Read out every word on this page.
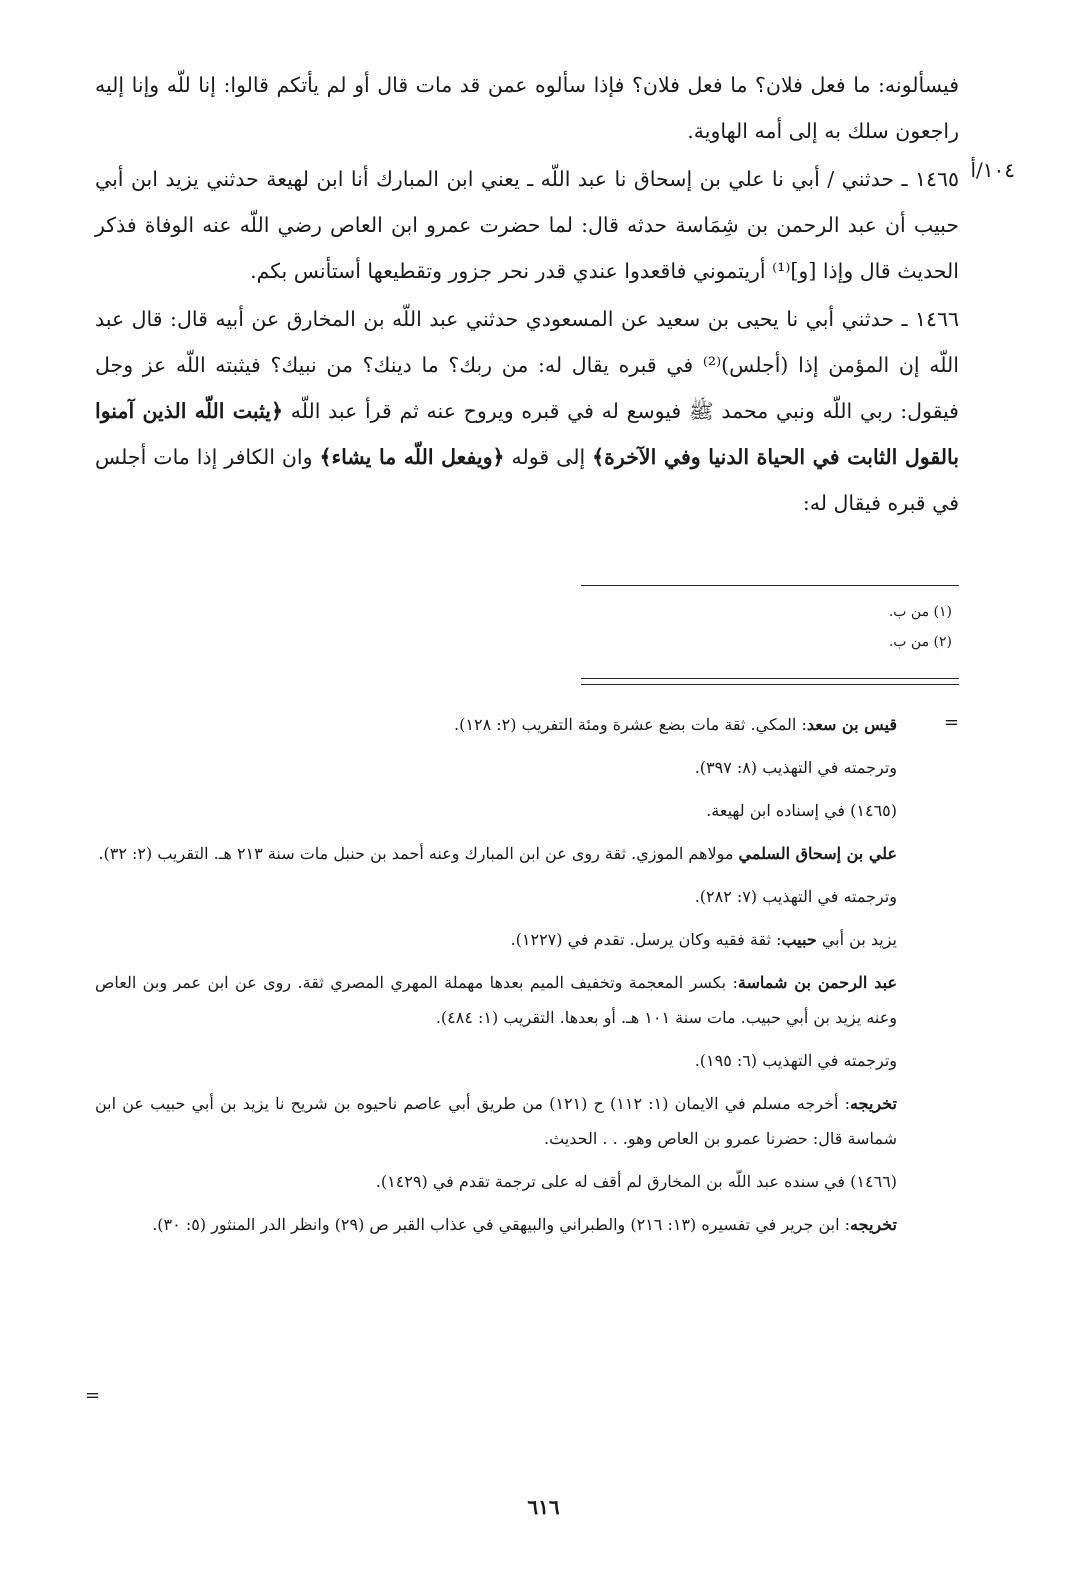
فيسألونه: ما فعل فلان؟ ما فعل فلان؟ فإذا سألوه عمن قد مات قال أو لم يأتكم قالوا: إنا للّه وإنا إليه راجعون سلك به إلى أمه الهاوية.

١٤٦٥ ـ حدثني / أبي نا علي بن إسحاق نا عبد اللّه ـ يعني ابن المبارك أنا ابن لهيعة حدثني يزيد ابن أبي حبيب أن عبد الرحمن بن شِمَاسة حدثه قال: لما حضرت عمرو ابن العاص رضي اللّه عنه الوفاة فذكر الحديث قال وإذا [و]⁽¹⁾ أريتموني فاقعدوا عندي قدر نحر جزور وتقطيعها أستأنس بكم.

١٤٦٦ ـ حدثني أبي نا يحيى بن سعيد عن المسعودي حدثني عبد اللّه بن المخارق عن أبيه قال: قال عبد اللّه إن المؤمن إذا (أجلس)⁽²⁾ في قبره يقال له: من ربك؟ ما دينك؟ من نبيك؟ فيثبته اللّه عز وجل فيقول: ربي اللّه ونبي محمد ﷺ فيوسع له في قبره ويروح عنه ثم قرأ عبد اللّه ﴿يثبت اللّه الذين آمنوا بالقول الثابت في الحياة الدنيا وفي الآخرة﴾ إلى قوله ﴿ويفعل اللّه ما يشاء﴾ وان الكافر إذا مات أجلس في قبره فيقال له:

١٠٤/أ
(١) من ب.
(٢) من ب.
=

قيس بن سعد: المكي. ثقة مات بضع عشرة ومئة التفريب (٢: ١٢٨).

وترجمته في التهذيب (٨: ٣٩٧).

(١٤٦٥) في إسناده ابن لهيعة.

علي بن إسحاق السلمي مولاهم الموزي. ثقة روى عن ابن المبارك وعنه أحمد بن حنبل مات سنة ٢١٣ هـ. التقريب (٢: ٣٢).

وترجمته في التهذيب (٧: ٢٨٢).

يزيد بن أبي حبيب: ثقة فقيه وكان يرسل. تقدم في (١٢٢٧).

عبد الرحمن بن شماسة: بكسر المعجمة وتخفيف الميم بعدها مهملة المهري المصري ثقة. روى عن ابن عمر وبن العاص وعنه يزيد بن أبي حبيب. مات سنة ١٠١ هـ. أو بعدها. التقريب (١: ٤٨٤).

وترجمته في التهذيب (٦: ١٩٥).

تخريجه: أخرجه مسلم في الايمان (١: ١١٢) ح (١٢١) من طريق أبي عاصم ناحيوه بن شريح نا يزيد بن أبي حبيب عن ابن شماسة قال: حضرنا عمرو بن العاص وهو. . . الحديث.

(١٤٦٦) في سنده عبد اللّه بن المخارق لم أقف له على ترجمة تقدم في (١٤٢٩).

تخريجه: ابن جرير في تفسيره (١٣: ٢١٦) والطبراني والبيهقي في عذاب القبر ص (٢٩) وانظر الدر المنثور (٥: ٣٠).

=
٦١٦
